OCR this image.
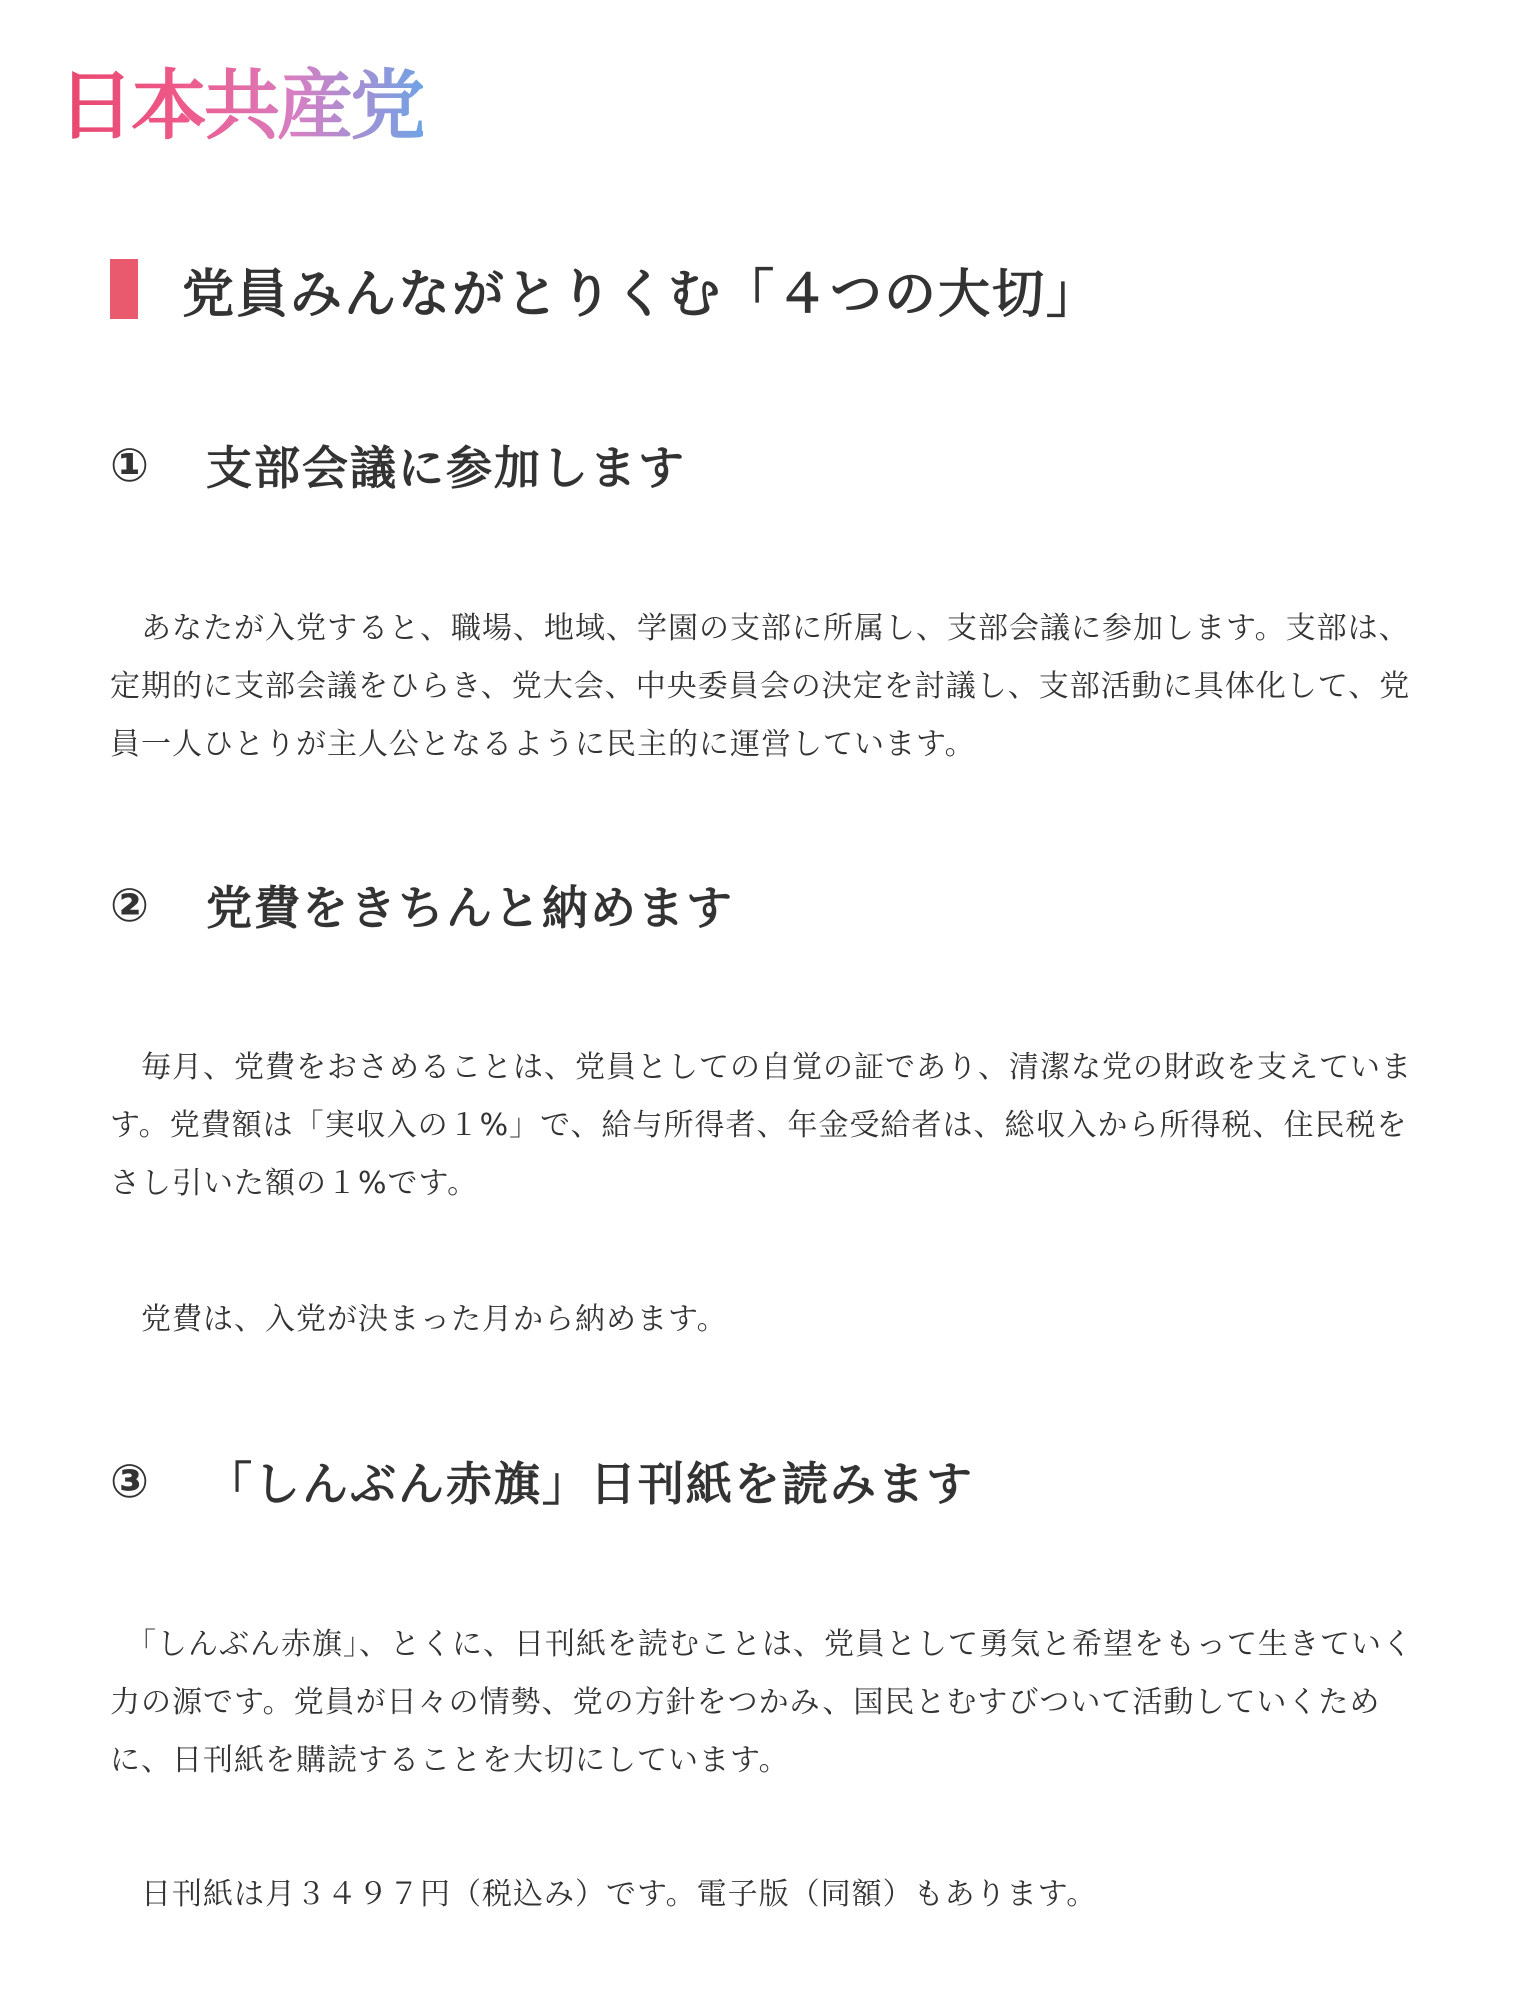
日本共産党
党員みんながとりくむ「４つの大切」
①	支部会議に参加します

　あなたが入党すると、職場、地域、学園の支部に所属し、支部会議に参加します。支部は、定期的に支部会議をひらき、党大会、中央委員会の決定を討議し、支部活動に具体化して、党員一人ひとりが主人公となるように民主的に運営しています。

②	党費をきちんと納めます

　毎月、党費をおさめることは、党員としての自覚の証であり、清潔な党の財政を支えています。党費額は「実収入の１%」で、給与所得者、年金受給者は、総収入から所得税、住民税をさし引いた額の１%です。

　党費は、入党が決まった月から納めます。

③	「しんぶん赤旗」日刊紙を読みます

　「しんぶん赤旗」、とくに、日刊紙を読むことは、党員として勇気と希望をもって生きていく力の源です。党員が日々の情勢、党の方針をつかみ、国民とむすびついて活動していくために、日刊紙を購読することを大切にしています。

　日刊紙は月３４９７円（税込み）です。電子版（同額）もあります。
